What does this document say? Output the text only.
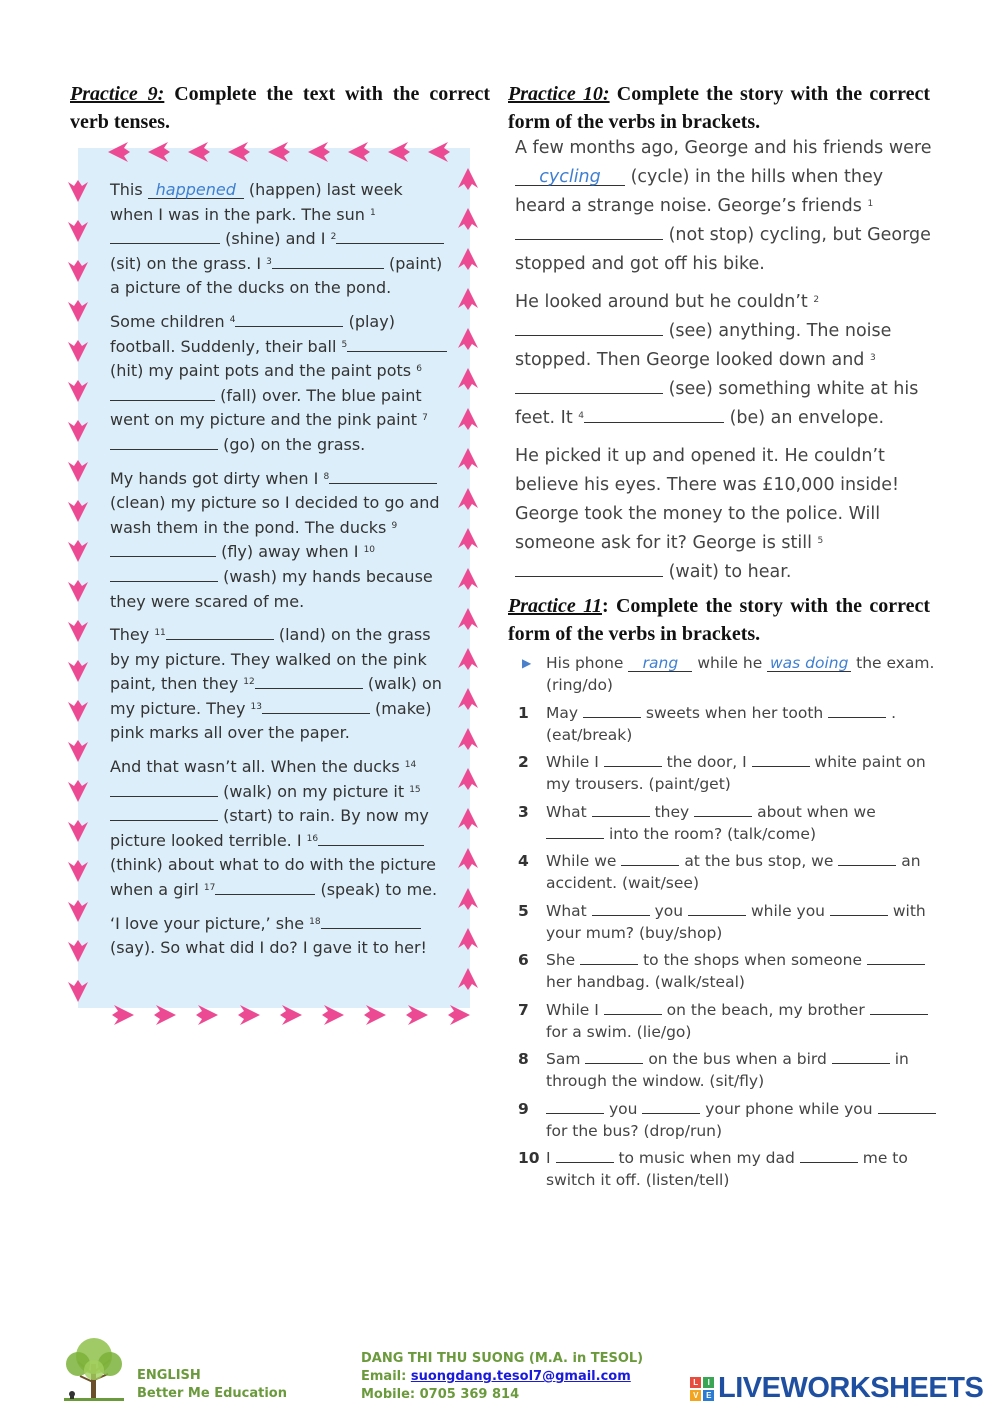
Practice 9: Complete the text with the correct verb tenses.
Practice 10: Complete the story with the correct form of the verbs in brackets.
Practice 11: Complete the story with the correct form of the verbs in brackets.

This happened (happen) last week when I was in the park. The sun $^1$ (shine) and I $^2$ (sit) on the grass. I $^3$	(paint) a picture of the ducks on the pond.

Some children $^4$	(play) football. Suddenly, their ball $^5$ (hit) my paint pots and the paint pots $^6$ (fall) over. The blue paint went on my picture and the pink paint $^7$ (go) on the grass.

My hands got dirty when I $^8$ (clean) my picture so I decided to go and wash them in the pond. The ducks $^9$ (fly) away when I $^{10}$ (wash) my hands because they were scared of me.

They $^{11}$	(land) on the grass by my picture. They walked on the pink paint, then they $^{12}$	(walk) on my picture. They $^{13}$	(make) pink marks all over the paper.

And that wasn’t all. When the ducks $^{14}$ (walk) on my picture it $^{15}$ (start) to rain. By now my picture looked terrible. I $^{16}$ (think) about what to do with the picture when a girl $^{17}$	(speak) to me.

‘I love your picture,’ she $^{18}$ (say). So what did I do? I gave it to her!

A few months ago, George and his friends were cycling (cycle) in the hills when they heard a strange noise. George’s friends $^1$ (not stop) cycling, but George stopped and got off his bike.

He looked around but he couldn’t $^2$ (see) anything. The noise stopped. Then George looked down and $^3$ (see) something white at his feet. It $^4$	(be) an envelope.

He picked it up and opened it. He couldn’t believe his eyes. There was £10,000 inside! George took the money to the police. Will someone ask for it? George is still $^5$ (wait) to hear.

▶ His phone rang while he was doing the exam. (ring/do)
1 May	sweets when her tooth	. (eat/break)
2 While I	the door, I	white paint on my trousers. (paint/get)
3 What	they	about when we  into the room? (talk/come)
4 While we	at the bus stop, we	an accident. (wait/see)
5 What	you	while you	with your mum? (buy/shop)
6 She	to the shops when someone  her handbag. (walk/steal)
7 While I	on the beach, my brother  for a swim. (lie/go)
8 Sam	on the bus when a bird	in through the window. (sit/fly)
9	you	your phone while you  for the bus? (drop/run)
10 I	to music when my dad	me to switch it off. (listen/tell)
ENGLISH
Better Me Education
DANG THI THU SUONG (M.A. in TESOL)
Email: suongdang.tesol7@gmail.com
Mobile: 0705 369 814
L	I
V	E LIVEWORKSHEETS
